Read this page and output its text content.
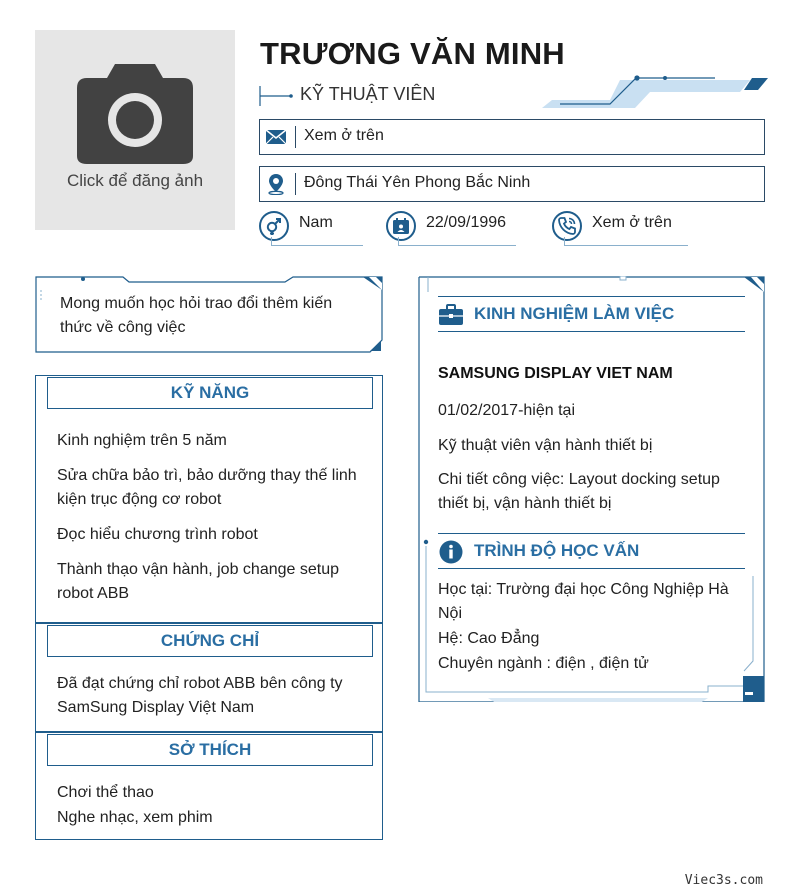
Click để đăng ảnh
TRƯƠNG VĂN MINH
KỸ THUẬT VIÊN
Xem ở trên
Đông Thái Yên Phong Bắc Ninh
Nam	22/09/1996	Xem ở trên
Mong muốn học hỏi trao đổi thêm kiến thức về công việc
KỸ NĂNG
Kinh nghiệm trên 5 năm
Sửa chữa bảo trì, bảo dưỡng thay thế linh kiện trục động cơ robot
Đọc hiểu chương trình robot
Thành thạo vận hành, job change setup robot ABB
CHỨNG CHỈ
Đã đạt chứng chỉ robot ABB bên công ty SamSung Display Việt Nam
SỞ THÍCH
Chơi thể thao
Nghe nhạc, xem phim
KINH NGHIỆM LÀM VIỆC
SAMSUNG DISPLAY VIET NAM
01/02/2017-hiện tại
Kỹ thuật viên vận hành thiết bị
Chi tiết công việc: Layout docking setup thiết bị, vận hành thiết bị
TRÌNH ĐỘ HỌC VẤN
Học tại: Trường đại học Công Nghiệp Hà Nội
Hệ: Cao Đẳng
Chuyên ngành : điện , điện tử
Viec3s.com
